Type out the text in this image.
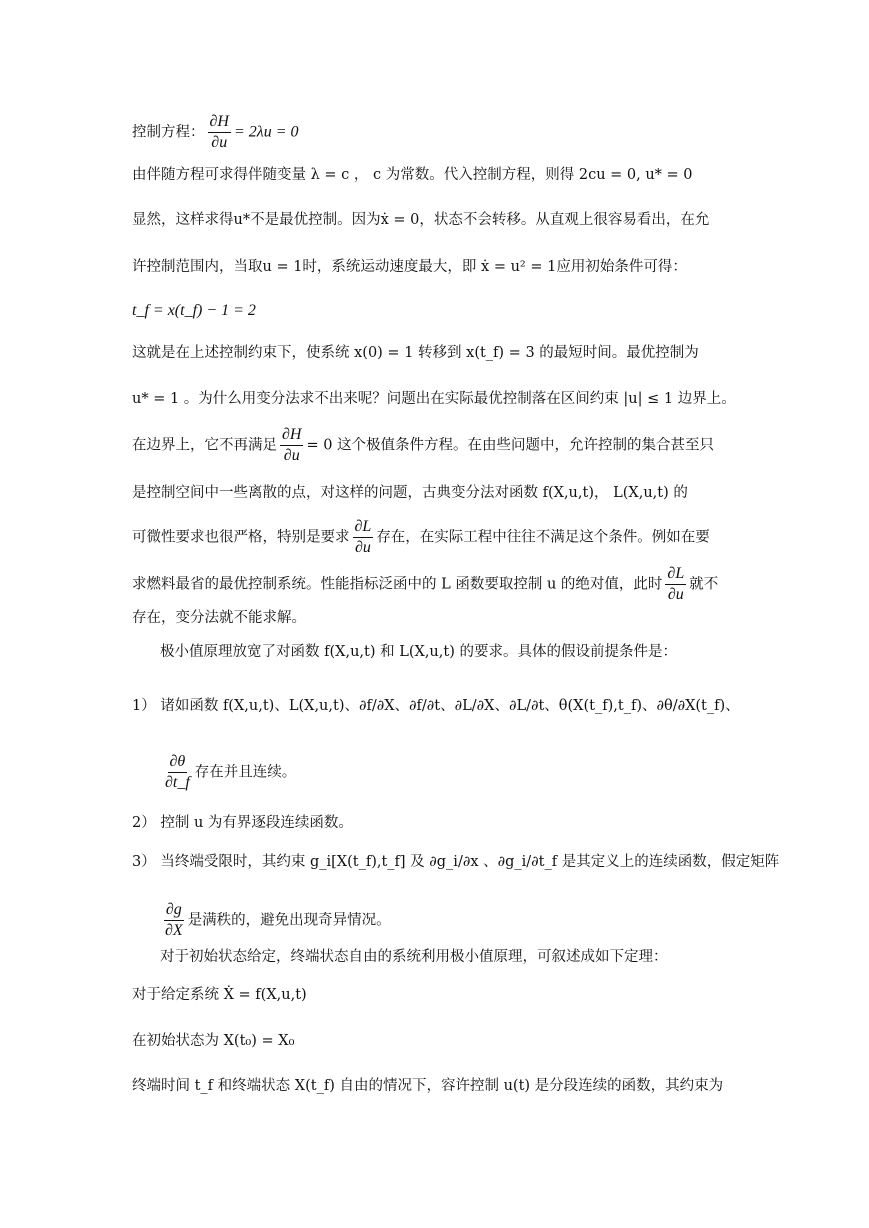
控制方程： $\frac{\partial H}{\partial u} = 2\lambda u = 0$
由伴随方程可求得伴随变量 λ = c ， c 为常数。代入控制方程，则得 2cu = 0, u* = 0
显然，这样求得u*不是最优控制。因为ẋ = 0，状态不会转移。从直观上很容易看出，在允
许控制范围内，当取u = 1时，系统运动速度最大，即 ẋ = u² = 1应用初始条件可得：
t_f = x(t_f) − 1 = 2
这就是在上述控制约束下，使系统 x(0) = 1 转移到 x(t_f) = 3 的最短时间。最优控制为
u* = 1 。为什么用变分法求不出来呢？问题出在实际最优控制落在区间约束 |u| ≤ 1 边界上。
在边界上，它不再满足 $\frac{\partial H}{\partial u} = 0$ 这个极值条件方程。在由些问题中，允许控制的集合甚至只
是控制空间中一些离散的点，对这样的问题，古典变分法对函数 f(X,u,t)， L(X,u,t) 的
可微性要求也很严格，特别是要求 $\frac{\partial L}{\partial u}$ 存在，在实际工程中往往不满足这个条件。例如在要
求燃料最省的最优控制系统。性能指标泛函中的 L 函数要取控制 u 的绝对值，此时 $\frac{\partial L}{\partial u}$ 就不
存在，变分法就不能求解。
极小值原理放宽了对函数 f(X,u,t) 和 L(X,u,t) 的要求。具体的假设前提条件是：
1） 诸如函数 f(X,u,t)、L(X,u,t)、∂f/∂X、∂f/∂t、∂L/∂X、∂L/∂t、θ(X(t_f),t_f)、∂θ/∂X(t_f)、
$\frac{\partial\theta}{\partial t\_f}$ 存在并且连续。
2） 控制 u 为有界逐段连续函数。
3） 当终端受限时，其约束 g_i[X(t_f),t_f] 及 ∂g_i/∂x 、∂g_i/∂t_f 是其定义上的连续函数，假定矩阵
$\frac{\partial g}{\partial X}$ 是满秩的，避免出现奇异情况。
对于初始状态给定，终端状态自由的系统利用极小值原理，可叙述成如下定理：
对于给定系统 Ẋ = f(X,u,t)
在初始状态为 X(t₀) = X₀
终端时间 t_f 和终端状态 X(t_f) 自由的情况下，容许控制 u(t) 是分段连续的函数，其约束为
